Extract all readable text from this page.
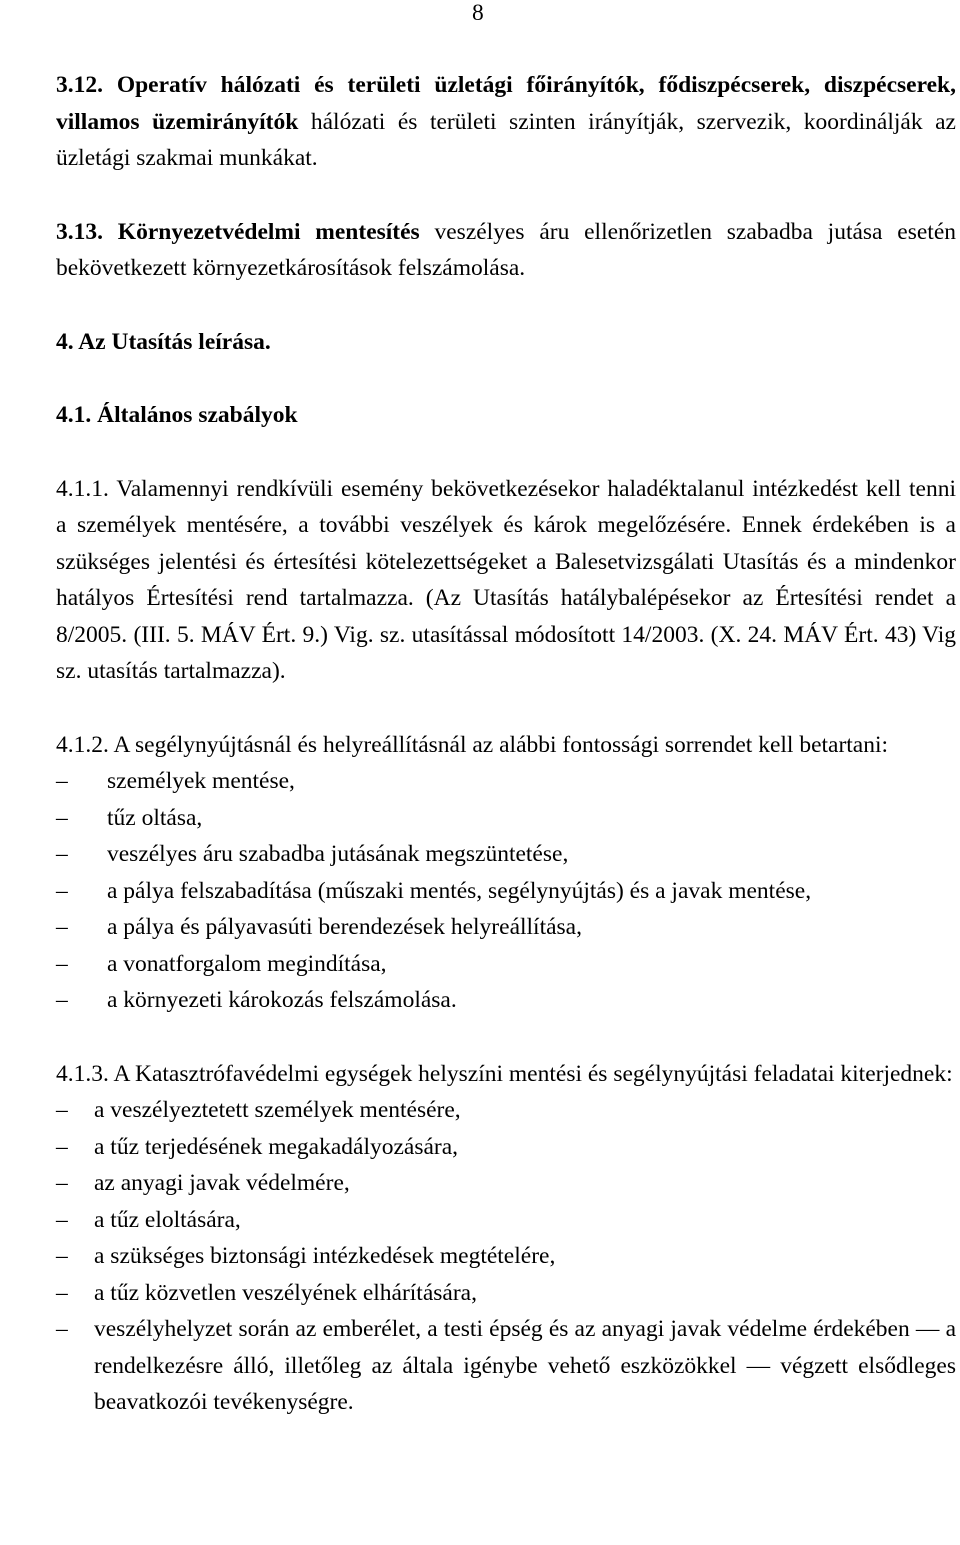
8

3.12. Operatív hálózati és területi üzletági főirányítók, fődiszpécserek, diszpécserek, villamos üzemirányítók hálózati és területi szinten irányítják, szervezik, koordinálják az üzletági szakmai munkákat.

3.13. Környezetvédelmi mentesítés veszélyes áru ellenőrizetlen szabadba jutása esetén bekövetkezett környezetkárosítások felszámolása.

4. Az Utasítás leírása.

4.1. Általános szabályok

4.1.1. Valamennyi rendkívüli esemény bekövetkezésekor haladéktalanul intézkedést kell tenni a személyek mentésére, a további veszélyek és károk megelőzésére. Ennek érdekében is a szükséges jelentési és értesítési kötelezettségeket a Balesetvizsgálati Utasítás és a mindenkor hatályos Értesítési rend tartalmazza. (Az Utasítás hatálybalépésekor az Értesítési rendet a 8/2005. (III. 5. MÁV Ért. 9.) Vig. sz. utasítással módosított 14/2003. (X. 24. MÁV Ért. 43) Vig sz. utasítás tartalmazza).

4.1.2. A segélynyújtásnál és helyreállításnál az alábbi fontossági sorrendet kell betartani:

– személyek mentése,
– tűz oltása,
– veszélyes áru szabadba jutásának megszüntetése,
– a pálya felszabadítása (műszaki mentés, segélynyújtás) és a javak mentése,
– a pálya és pályavasúti berendezések helyreállítása,
– a vonatforgalom megindítása,
– a környezeti károkozás felszámolása.

4.1.3. A Katasztrófavédelmi egységek helyszíni mentési és segélynyújtási feladatai kiterjednek:

– a veszélyeztetett személyek mentésére,
– a tűz terjedésének megakadályozására,
– az anyagi javak védelmére,
– a tűz eloltására,
– a szükséges biztonsági intézkedések megtételére,
– a tűz közvetlen veszélyének elhárítására,
– veszélyhelyzet során az emberélet, a testi épség és az anyagi javak védelme érdekében ― a rendelkezésre álló, illetőleg az általa igénybe vehető eszközökkel ― végzett elsődleges beavatkozói tevékenységre.
